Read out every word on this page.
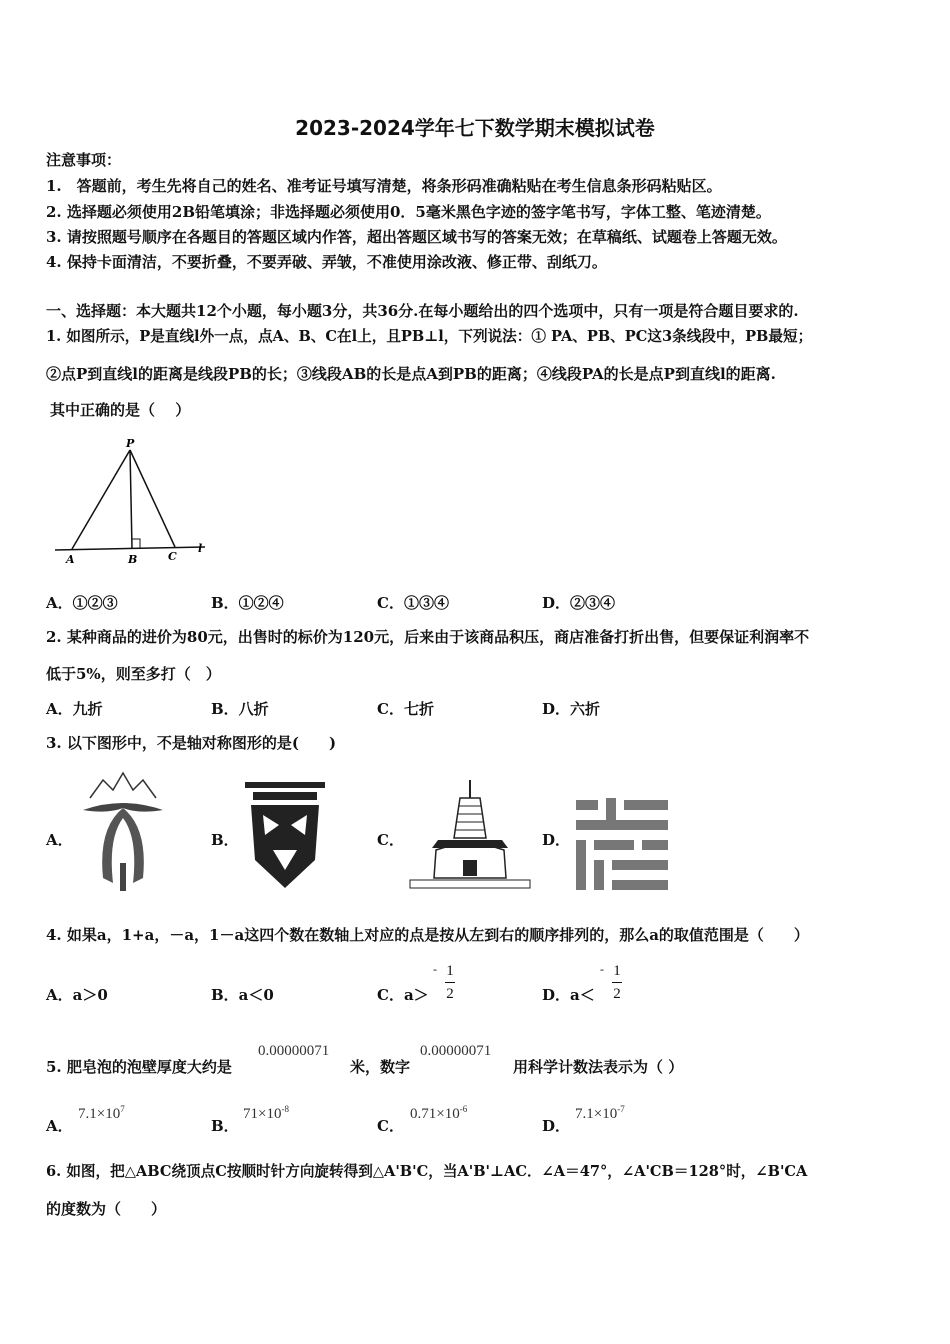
2023-2024学年七下数学期末模拟试卷
注意事项：
1.　答题前，考生先将自己的姓名、准考证号填写清楚，将条形码准确粘贴在考生信息条形码粘贴区。
2. 选择题必须使用2B铅笔填涂；非选择题必须使用0．5毫米黑色字迹的签字笔书写，字体工整、笔迹清楚。
3. 请按照题号顺序在各题目的答题区域内作答，超出答题区域书写的答案无效；在草稿纸、试题卷上答题无效。
4. 保持卡面清洁，不要折叠，不要弄破、弄皱，不准使用涂改液、修正带、刮纸刀。
一、选择题：本大题共12个小题，每小题3分，共36分.在每小题给出的四个选项中，只有一项是符合题目要求的.
1. 如图所示，P是直线l外一点，点A、B、C在l上，且PB⊥l，下列说法：① PA、PB、PC这3条线段中，PB最短；
②点P到直线l的距离是线段PB的长；③线段AB的长是点A到PB的距离；④线段PA的长是点P到直线l的距离.
其中正确的是（　 ）
P
A	B	C
l
A．①②③	B．①②④	C．①③④	D．②③④
2. 某种商品的进价为80元，出售时的标价为120元，后来由于该商品积压，商店准备打折出售，但要保证利润率不
低于5%，则至多打（　）
A．九折	B．八折	C．七折	D．六折
3. 以下图形中，不是轴对称图形的是(　　)
A．	B．	C．	D．
4. 如果a，1+a，－a，1－a这四个数在数轴上对应的点是按从左到右的顺序排列的，那么a的取值范围是（　　）
A．a＞0	B．a＜0	C．a＞	D．a＜
- 1
2
- 1
2
5. 肥皂泡的泡壁厚度大约是
0.00000071
米，数字
0.00000071
用科学计数法表示为（ ）
A．	B．	C．	D．
$7.1\times 10^7$	$71\times 10^{-8}$	$0.71\times 10^{-6}$	$7.1\times 10^{-7}$
6. 如图，把△ABC绕顶点C按顺时针方向旋转得到△A'B'C，当A'B'⊥AC．∠A＝47°，∠A'CB＝128°时，∠B'CA
的度数为（　　）
